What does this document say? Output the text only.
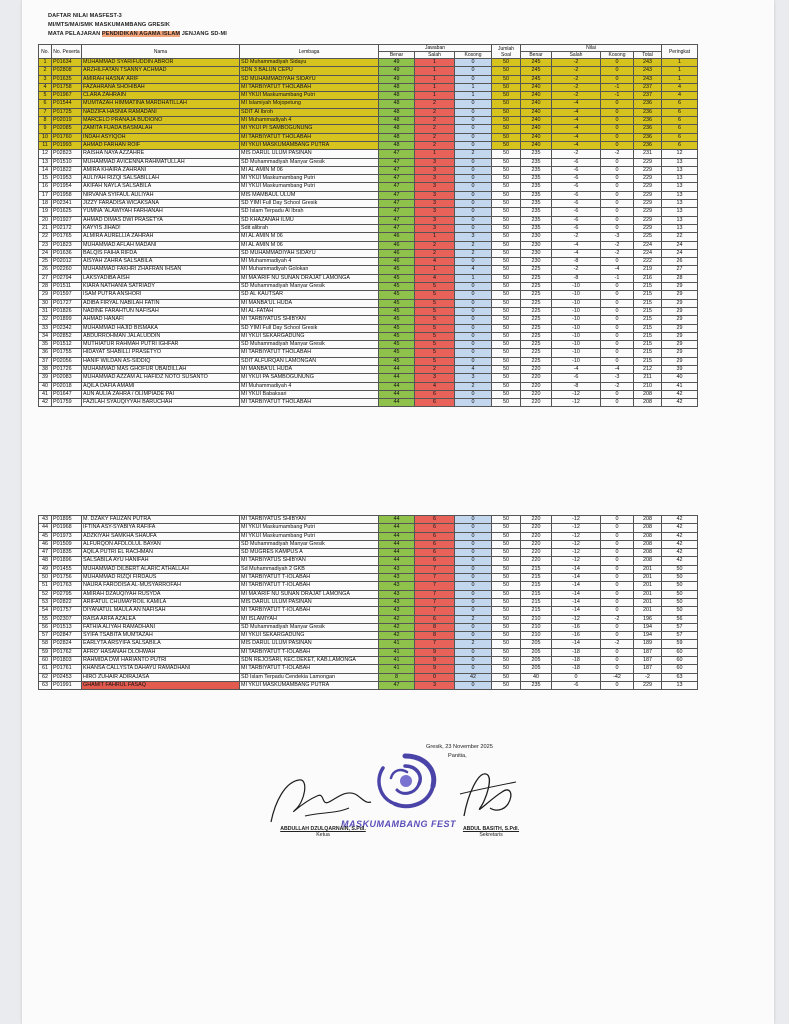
DAFTAR NILAI MASFEST-3
MI/MTS/MA/SMK MASKUMAMBANG GRESIK
MATA PELAJARAN PENDIDIKAN AGAMA ISLAM JENJANG SD-MI
No.	No. Peserta	Nama	Lembaga	Jawaban			Jumlah Soal	Nilai				Peringkat
				Benar	Salah	Kosong		Benar	Salah	Kosong	Total	
1	P01634	MUHAMMAD SYARIFUDDIN ABROR	SD Muhammadiyah Sidayu	49	1	0	50	245	-2	0	243	1
2	P02808	ARZHILFATAN TSANNY ACHMAD	SDN 3 BALUN CEPU	49	1	0	50	245	-2	0	243	1
3	P01635	AMIRAH HASNA' ARIF	SD MUHAMMADIYAH SIDAYU	49	1	0	50	245	-2	0	243	1
4	P01758	FAZAHRANA SHOHIBAH	MI TARBIYATUT THOLABAH	48	1	1	50	240	-2	-1	237	4
5	P01967	CLARA ZAHRAIN	MI YKUI Maskumambang Putri	48	1	1	50	240	-2	-1	237	4
6	P01544	MUMTAZAH HIMMATINA MARDHATILLAH	MI Islamiyah Mojopetung	48	2	0	50	240	-4	0	236	6
7	P01725	NADZIFA HASNIA RAMADANI	SDIT Al Ibroh	48	2	0	50	240	-4	0	236	6
8	P02019	MARCELO PRANAJA BUDIONO	MI Muhammadiyah 4	48	2	0	50	240	-4	0	236	6
9	P02085	ZAMITA FUADA BASMALAH	MI YKUI PI SAMBOGUNUNG	48	2	0	50	240	-4	0	236	6
10	P01760	INDAH ASYIQOH	MI TARBIYATUT THOLABAH	48	2	0	50	240	-4	0	236	6
11	P01993	AHMAD FARHAN ROIF	MI YKUI MASKUMAMBANG PUTRA	48	2	0	50	240	-4	0	236	6
12	P02823	RAISHA NAYA AZZAHRE	MIS DARUL ULUM PASINAN	47	1	2	50	235	-2	-2	231	12
13	P01510	MUHAMMAD AVICENNA RAHMATULLAH	SD Muhammadiyah Manyar Gresik	47	3	0	50	235	-6	0	229	13
14	P01822	AMIRA KHAIRA ZAHRANI	MI AL AMIN M 06	47	3	0	50	235	-6	0	229	13
15	P01953	AULIYAH RIZQI SALSABILLAH	MI YKUI Maskumambang Putri	47	3	0	50	235	-6	0	229	13
16	P01954	AKIFAH NAYLA SALSABILA	MI YKUI Maskumambang Putri	47	3	0	50	235	-6	0	229	13
17	P01958	NIRVANA SYIFAUL AULIYAH	MIS MAMBAUL ULUM	47	3	0	50	235	-6	0	229	13
18	P02341	JIZZY FARADISA WICAKSANA	SD YIMI Full Day School Gresik	47	3	0	50	235	-6	0	229	13
19	P01625	YUMNA 'ALAWIYAH FARHANAH	SD Islam Terpadu Al Ibrah	47	3	0	50	235	-6	0	229	13
20	P01927	AHMAD DIMAS DWI PRASETYA	SD KHAZANAH ILMU	47	3	0	50	235	-6	0	229	13
21	P02172	KAYYIS JIHAD!	Sdit alibrah	47	3	0	50	235	-6	0	229	13
22	P01765	ALMIRA AURELLIA ZAHRAH	MI AL AMIN M 06	46	1	3	50	230	-2	-3	225	22
23	P01823	MUHAMMAD AFLAH MADANI	MI AL AMIN M 06	46	2	2	50	230	-4	-2	224	24
24	P01636	BALQIS FAIHA RIFDA	SD MUHAMMADIYAH SIDAYU	46	2	2	50	230	-4	-2	224	24
25	P02012	AISYAH ZAHRA SALSABILA	MI Muhammadiyah 4	46	4	0	50	230	-8	0	222	26
26	P02260	MUHAMMAD FAKHRI ZHAFRAN IHSAN	MI Muhammadiyah Golokan	45	1	4	50	225	-2	-4	219	27
27	P02794	LAKSYADIBA AISH	MI MA'ARIF NU SUNAN DRAJAT LAMONGA	45	4	1	50	225	-8	-1	216	28
28	P01511	KIARA NATHANIA SATRIADY	SD Muhammadiyah Manyar Gresik	45	5	0	50	225	-10	0	215	29
29	P01597	ISAM PUTRA ANSHORI	SD AL KAUTSAR	45	5	0	50	225	-10	0	215	29
30	P01727	ADIBA FIRYAL NABILAH FATIN	MI MANBA'UL HUDA	45	5	0	50	225	-10	0	215	29
31	P01826	NADINE FARAHTUN NAFISAH	MI AL-FATAH	45	5	0	50	225	-10	0	215	29
32	P01899	AHMAD HANAFI	MI TARBIYATUS SHIBYAN	45	5	0	50	225	-10	0	215	29
33	P02342	MUHAMMAD HAJID BISMAKA	SD YIMI Full Day School Gresik	45	5	0	50	225	-10	0	215	29
34	P02852	ABDURROHMAN JALALUDDIN	MI YKUI SEKARGADUNG	45	5	0	50	225	-10	0	215	29
35	P01512	MUTHIATUR RAHMAH PUTRI IGHFAR	SD Muhammadiyah Manyar Gresik	45	5	0	50	225	-10	0	215	29
36	P01755	HIDAYAT SHABILLI PRASETYO	MI TARBIYATUT THOLABAH	45	5	0	50	225	-10	0	215	29
37	P02056	HANIF WILDAN AS-SIDDIQ	SDIT ALFURQAN LAMONGAN	45	5	0	50	225	-10	0	215	29
38	P01726	MUHAMMAD MAS GHOFUR UBAIDILLAH	MI MANBA'UL HUDA	44	2	4	50	220	-4	-4	212	39
39	P02083	MUHAMMAD AZZAM AL HAFIDZ NOTO SUSANTO	MI YKUI PA SAMBOGUNUNG	44	3	3	50	220	-6	-3	211	40
40	P02018	AQILA DAFIA AMAMI	MI Muhammadiyah 4	44	4	2	50	220	-8	-2	210	41
41	P01647	AUN AULIA ZAHRA / OLIMPIADE PAI	MI YKUI Babaksari	44	6	0	50	220	-12	0	208	42
42	P01759	FAZILAH SYAUQIYYAH BARUCHAH	MI TARBIYATUT THOLABAH	44	6	0	50	220	-12	0	208	42
43	P01895	M. DZAKY FAUZAN PUTRA	MI TARBIYATUS SHIBYAN	44	6	0	50	220	-12	0	208	42
44	P01968	IFTINA ASY-SYABIYA RAFIFA	MI YKUI Maskumambang Putri	44	6	0	50	220	-12	0	208	42
45	P01973	ADZKIYAH SAMKHA SHAUFA	MI YKUI Maskumambang Putri	44	6	0	50	220	-12	0	208	42
46	P01509	ALFURQON AFDLOLUL BAYAN	SD Muhammadiyah Manyar Gresik	44	6	0	50	220	-12	0	208	42
47	P01835	AQILA PUTRI EL RACHMAN	SD MUGRES KAMPUS A	44	6	0	50	220	-12	0	208	42
48	P01896	SALSABILA AYU HANIFAH	MI TARBIYATUS SHIBYAN	44	6	0	50	220	-12	0	208	42
49	P01455	MUHAMMAD DILBERT ALARIC ATHALLAH	Sd Muhammadiyah 2 GKB	43	7	0	50	215	-14	0	201	50
50	P01756	MUHAMMAD RIZQI FIRDAUS	MI TARBIYATUT T-IOLABAH	43	7	0	50	215	-14	0	201	50
51	P01763	NAURA FARODISA AL-MUSYARROFAH	MI TARBIYATUT T-IOLABAH	43	7	0	50	215	-14	0	201	50
52	P02795	AMIRAH DZAUQIYAH RUSYDA	MI MA'ARIF NU SUNAN DRAJAT LAMONGA	43	7	0	50	215	-14	0	201	50
53	P02822	ARIFATUL CHUMAYROIL KAMILA	MIS DARUL ULUM PASINAN	43	7	0	50	215	-14	0	201	50
54	P01757	DIYANATUL MAULA AN NAFISAH	MI TARBIYATUT T-IOLABAH	43	7	0	50	215	-14	0	201	50
55	P02307	RAISA ARFA AZALEA	MI ISLAMIYAH	42	6	2	50	210	-12	-2	196	56
56	P01513	FATHIA ALIYAH RAMADHANI	SD Muhammadiyah Manyar Gresik	42	8	0	50	210	-16	0	194	57
57	P02847	SYIFA TSABITA MUMTAZAH	MI YKUI SEKARGADUNG	42	8	0	50	210	-16	0	194	57
58	P02824	EARLYTA ARSYIFA SALSABILA	MIS DARUL ULUM PASINAN	41	7	2	50	205	-14	-2	189	59
59	P01762	AFRO' HASANAH DLOHWAH	MI TARBIYATUT T-IOLABAH	41	9	0	50	205	-18	0	187	60
60	P01803	RAHMIDA DWI HARIANTO PUTRI	SDN REJOSARI, KEC.DEKET, KAB.LAMONGA	41	9	0	50	205	-18	0	187	60
61	P01761	KHANSA CALLYSTA DAHAYU RAMADHANI	MI TARBIYATUT T-IOLABAH	41	9	0	50	205	-18	0	187	60
62	P02453	HIRO ZUHAIR ADIRAJASA	SD Islam Terpadu Cendekia Lamongan	8	0	42	50	40	0	-42	-2	63
63	P01991	GHAMIT FAHRUL FASAQ	MI YKUI MASKUMAMBANG PUTRA	47	3	0	50	235	-6	0	229	13
Gresik, 23 November 2025
Panitia,
MASKUMAMBANG FEST
ABDULLAH DZULQARNAIN, S.PdI.
Ketua
ABDUL BASITH, S.PdI.
Sekretaris
